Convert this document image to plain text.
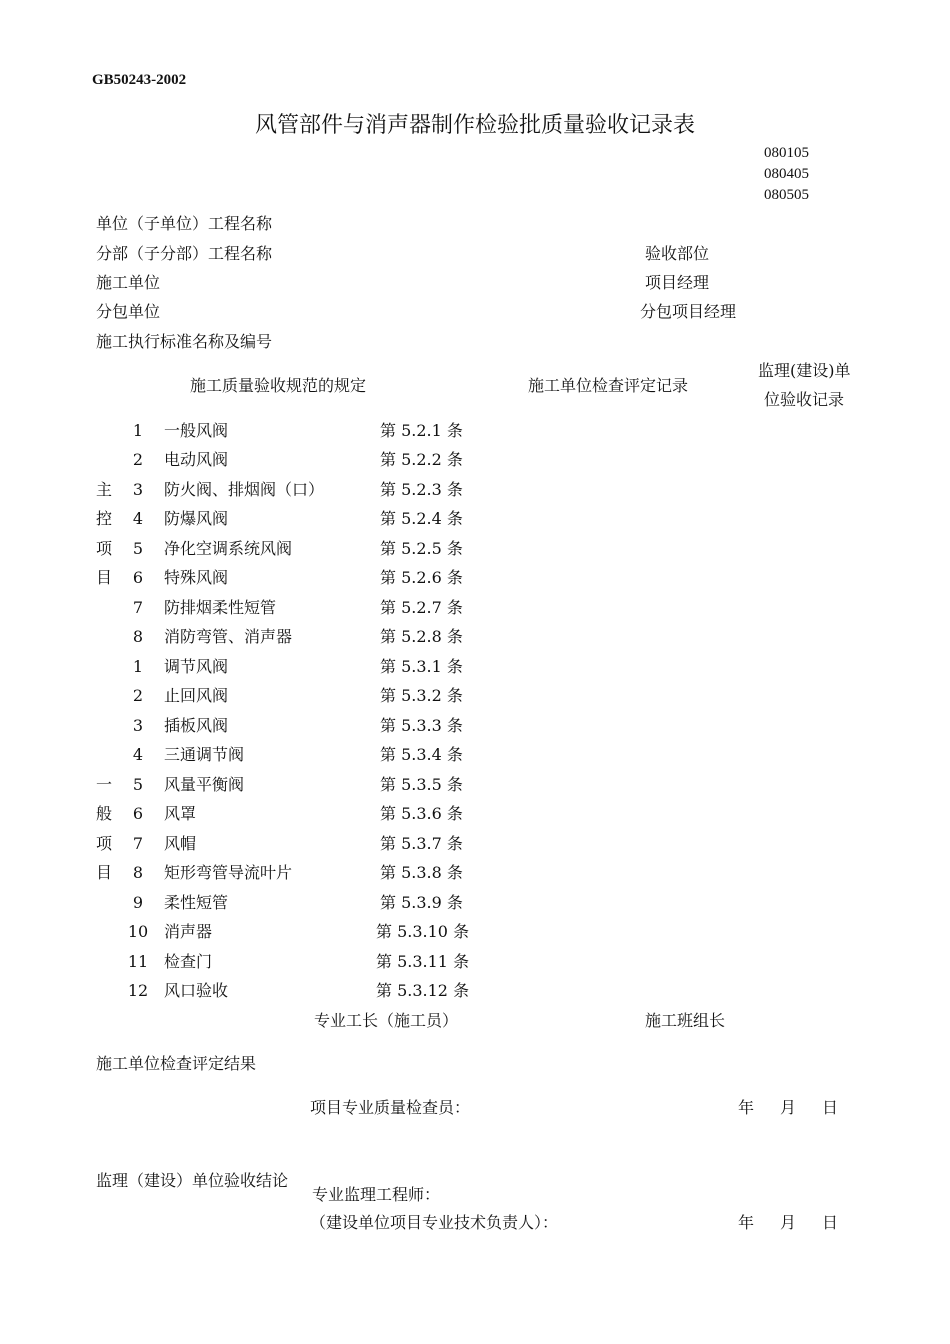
GB50243-2002
风管部件与消声器制作检验批质量验收记录表
080105
080405
080505
单位（子单位）工程名称
分部（子分部）工程名称	验收部位
施工单位	项目经理
分包单位	分包项目经理
施工执行标准名称及编号
施工质量验收规范的规定	施工单位检查评定记录
监理(建设)单
位验收记录
主
控
项
目
1	一般风阀	第 5.2.1 条
2	电动风阀	第 5.2.2 条
3	防火阀、排烟阀（口）	第 5.2.3 条
4	防爆风阀	第 5.2.4 条
5	净化空调系统风阀	第 5.2.5 条
6	特殊风阀	第 5.2.6 条
7	防排烟柔性短管	第 5.2.7 条
8	消防弯管、消声器	第 5.2.8 条
一
般
项
目
1	调节风阀	第 5.3.1 条
2	止回风阀	第 5.3.2 条
3	插板风阀	第 5.3.3 条
4	三通调节阀	第 5.3.4 条
5	风量平衡阀	第 5.3.5 条
6	风罩	第 5.3.6 条
7	风帽	第 5.3.7 条
8	矩形弯管导流叶片	第 5.3.8 条
9	柔性短管	第 5.3.9 条
10 消声器	第 5.3.10 条
11 检查门	第 5.3.11 条
12 风口验收	第 5.3.12 条
专业工长（施工员）	施工班组长
施工单位检查评定结果
项目专业质量检查员：	年 月 日
监理（建设）单位验收结论
专业监理工程师：
（建设单位项目专业技术负责人）：	年 月 日
